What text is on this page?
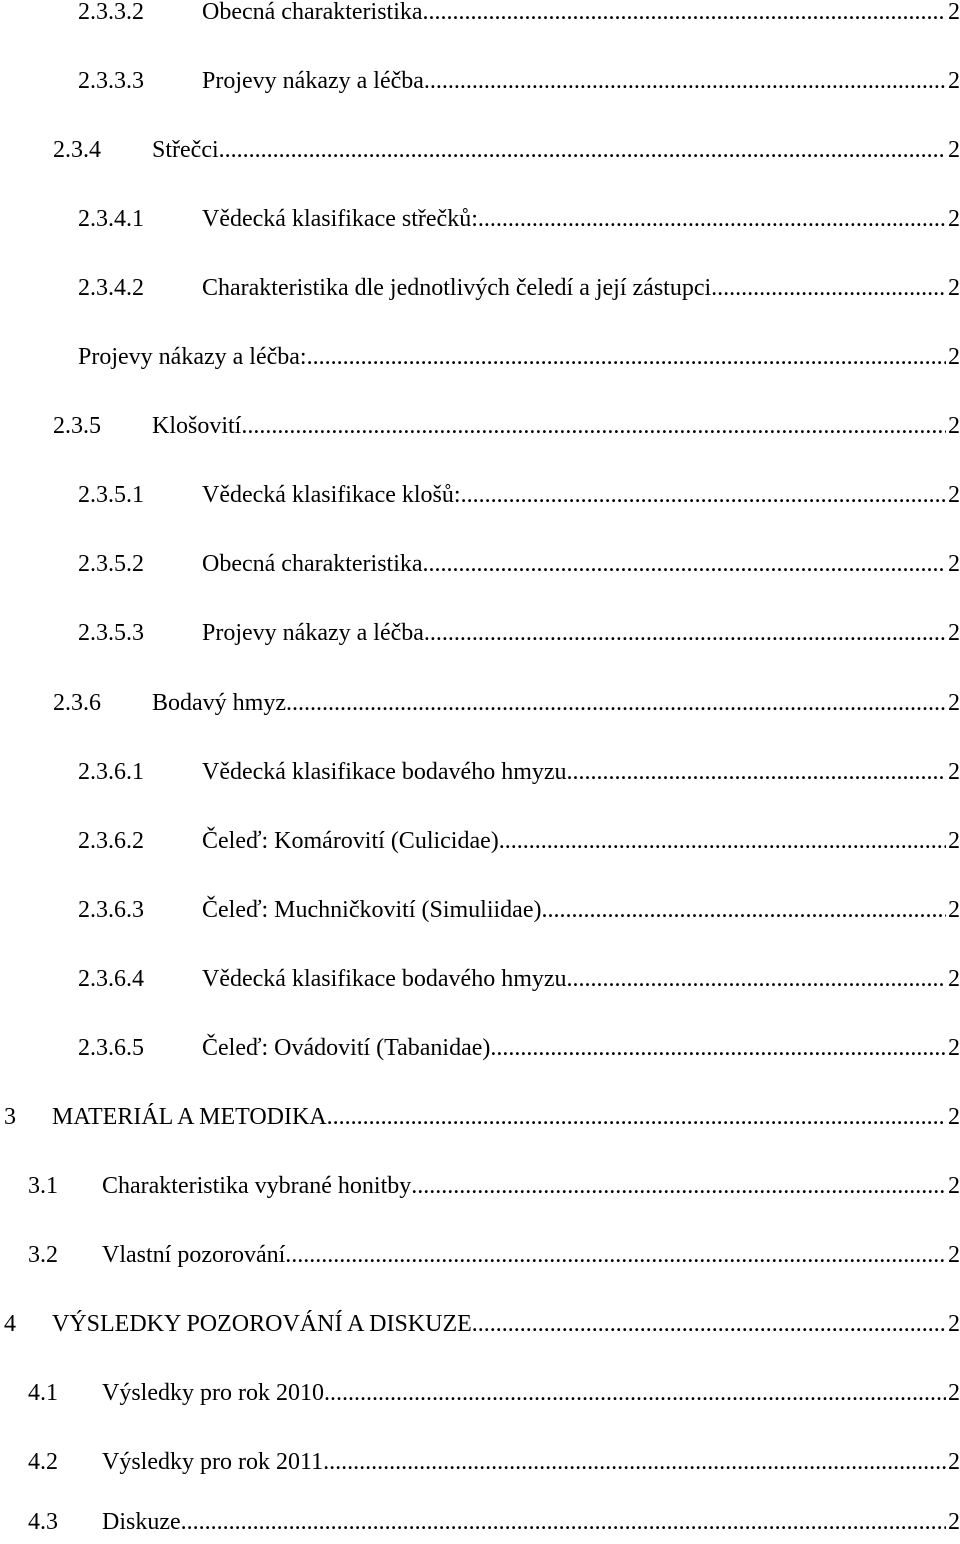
2.3.3.2	Obecná charakteristika . . .	2
2.3.3.3	Projevy nákazy a léčba . . .	2
2.3.4	Střečci . . .	2
2.3.4.1	Vědecká klasifikace střečků: . . .	2
2.3.4.2	Charakteristika dle jednotlivých čeledí a její zástupci . . .	2
Projevy nákazy a léčba: . . .	2
2.3.5	Klošovití . . .	2
2.3.5.1	Vědecká klasifikace klošů: . . .	2
2.3.5.2	Obecná charakteristika . . .	2
2.3.5.3	Projevy nákazy a léčba . . .	2
2.3.6	Bodavý hmyz . . .	2
2.3.6.1	Vědecká klasifikace bodavého hmyzu . . .	2
2.3.6.2	Čeleď: Komárovití (Culicidae) . . .	2
2.3.6.3	Čeleď: Muchničkovití (Simuliidae) . . .	2
2.3.6.4	Vědecká klasifikace bodavého hmyzu . . .	2
2.3.6.5	Čeleď: Ovádovití (Tabanidae) . . .	2
3	MATERIÁL A METODIKA . . .	2
3.1	Charakteristika vybrané honitby . . .	2
3.2	Vlastní pozorování . . .	2
4	VÝSLEDKY POZOROVÁNÍ A DISKUZE . . .	2
4.1	Výsledky pro rok 2010 . . .	2
4.2	Výsledky pro rok 2011 . . .	2
4.3	Diskuze . . .	2
